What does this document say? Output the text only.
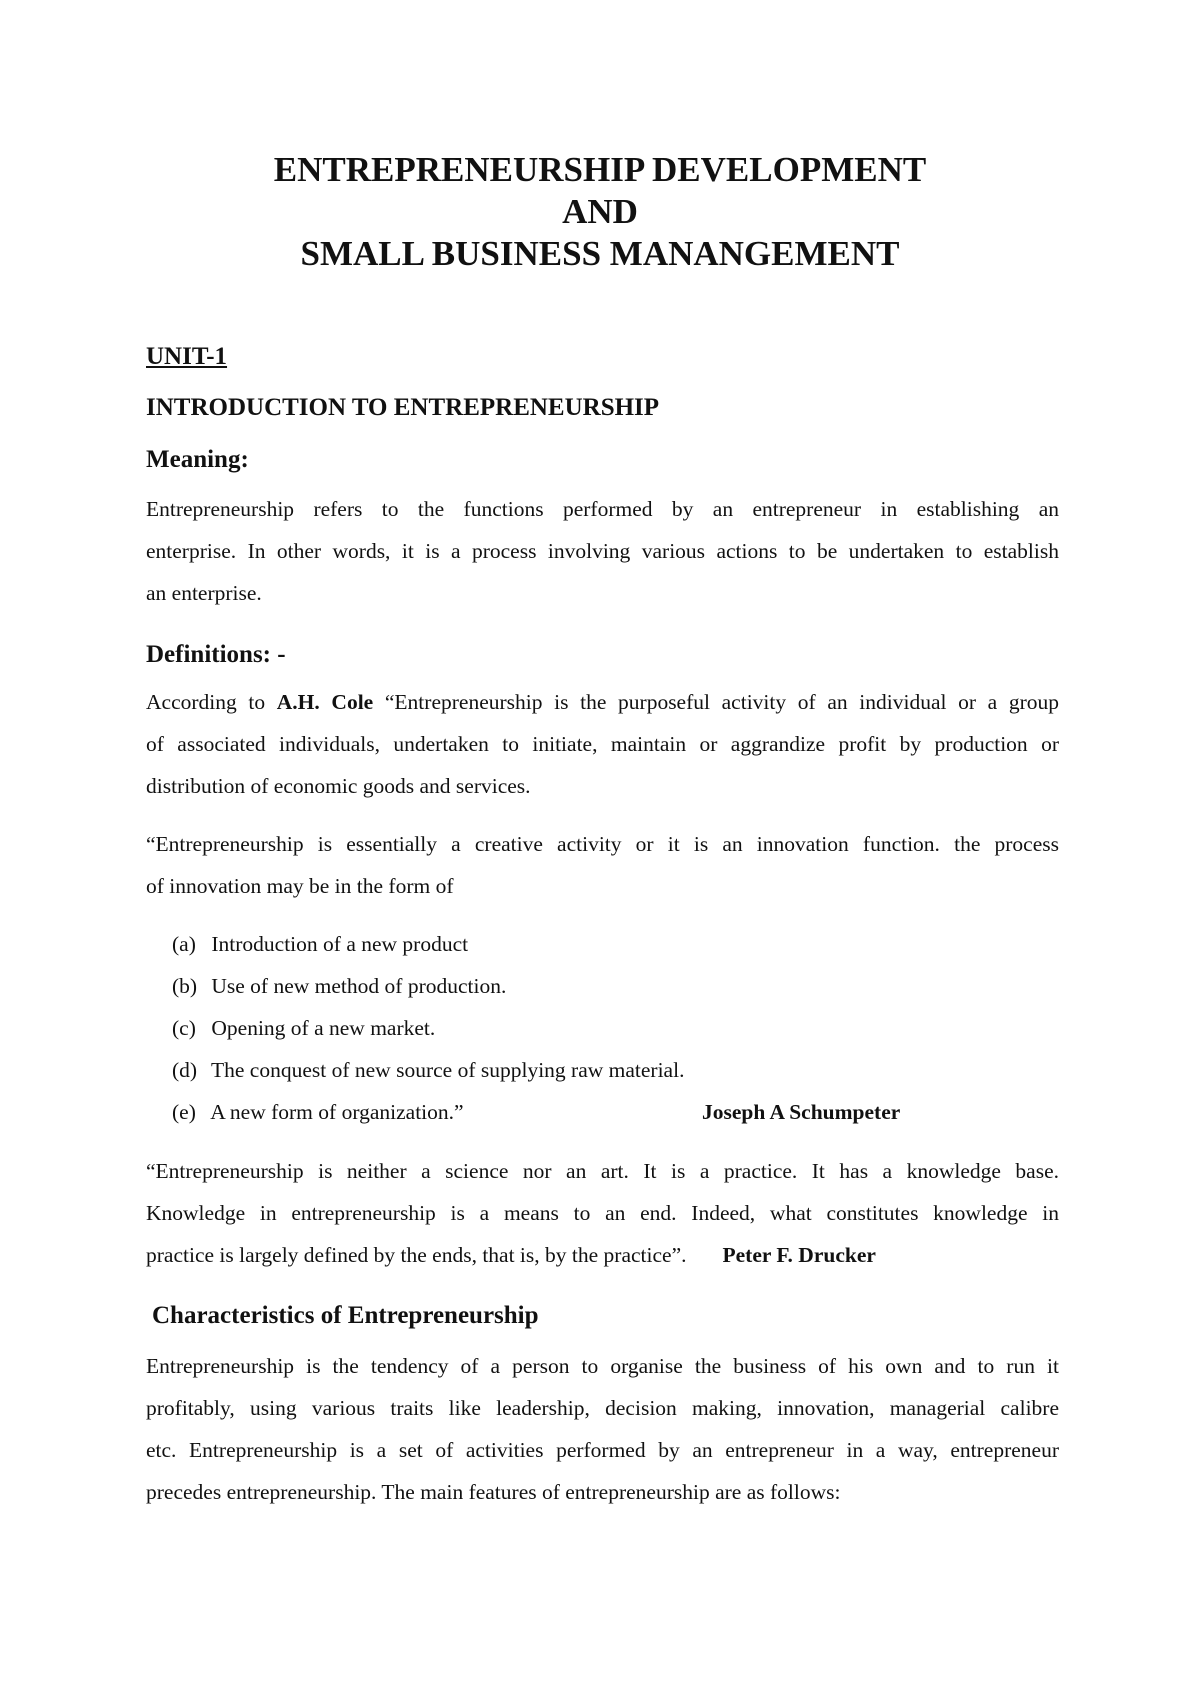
ENTREPRENEURSHIP DEVELOPMENT
AND
SMALL BUSINESS MANANGEMENT
UNIT-1
INTRODUCTION TO ENTREPRENEURSHIP
Meaning:
Entrepreneurship refers to the functions performed by an entrepreneur in establishing an
enterprise. In other words, it is a process involving various actions to be undertaken to establish
an enterprise.
Definitions: -
According to A.H. Cole “Entrepreneurship is the purposeful activity of an individual or a group
of associated individuals, undertaken to initiate, maintain or aggrandize profit by production or
distribution of economic goods and services.
“Entrepreneurship is essentially a creative activity or it is an innovation function. the process
of innovation may be in the form of
(a) Introduction of a new product
(b) Use of new method of production.
(c) Opening of a new market.
(d) The conquest of new source of supplying raw material.
(e) A new form of organization.”	Joseph A Schumpeter
“Entrepreneurship is neither a science nor an art. It is a practice. It has a knowledge base.
Knowledge in entrepreneurship is a means to an end. Indeed, what constitutes knowledge in
practice is largely defined by the ends, that is, by the practice”. Peter F. Drucker
Characteristics of Entrepreneurship
Entrepreneurship is the tendency of a person to organise the business of his own and to run it
profitably, using various traits like leadership, decision making, innovation, managerial calibre
etc. Entrepreneurship is a set of activities performed by an entrepreneur in a way, entrepreneur
precedes entrepreneurship. The main features of entrepreneurship are as follows:
